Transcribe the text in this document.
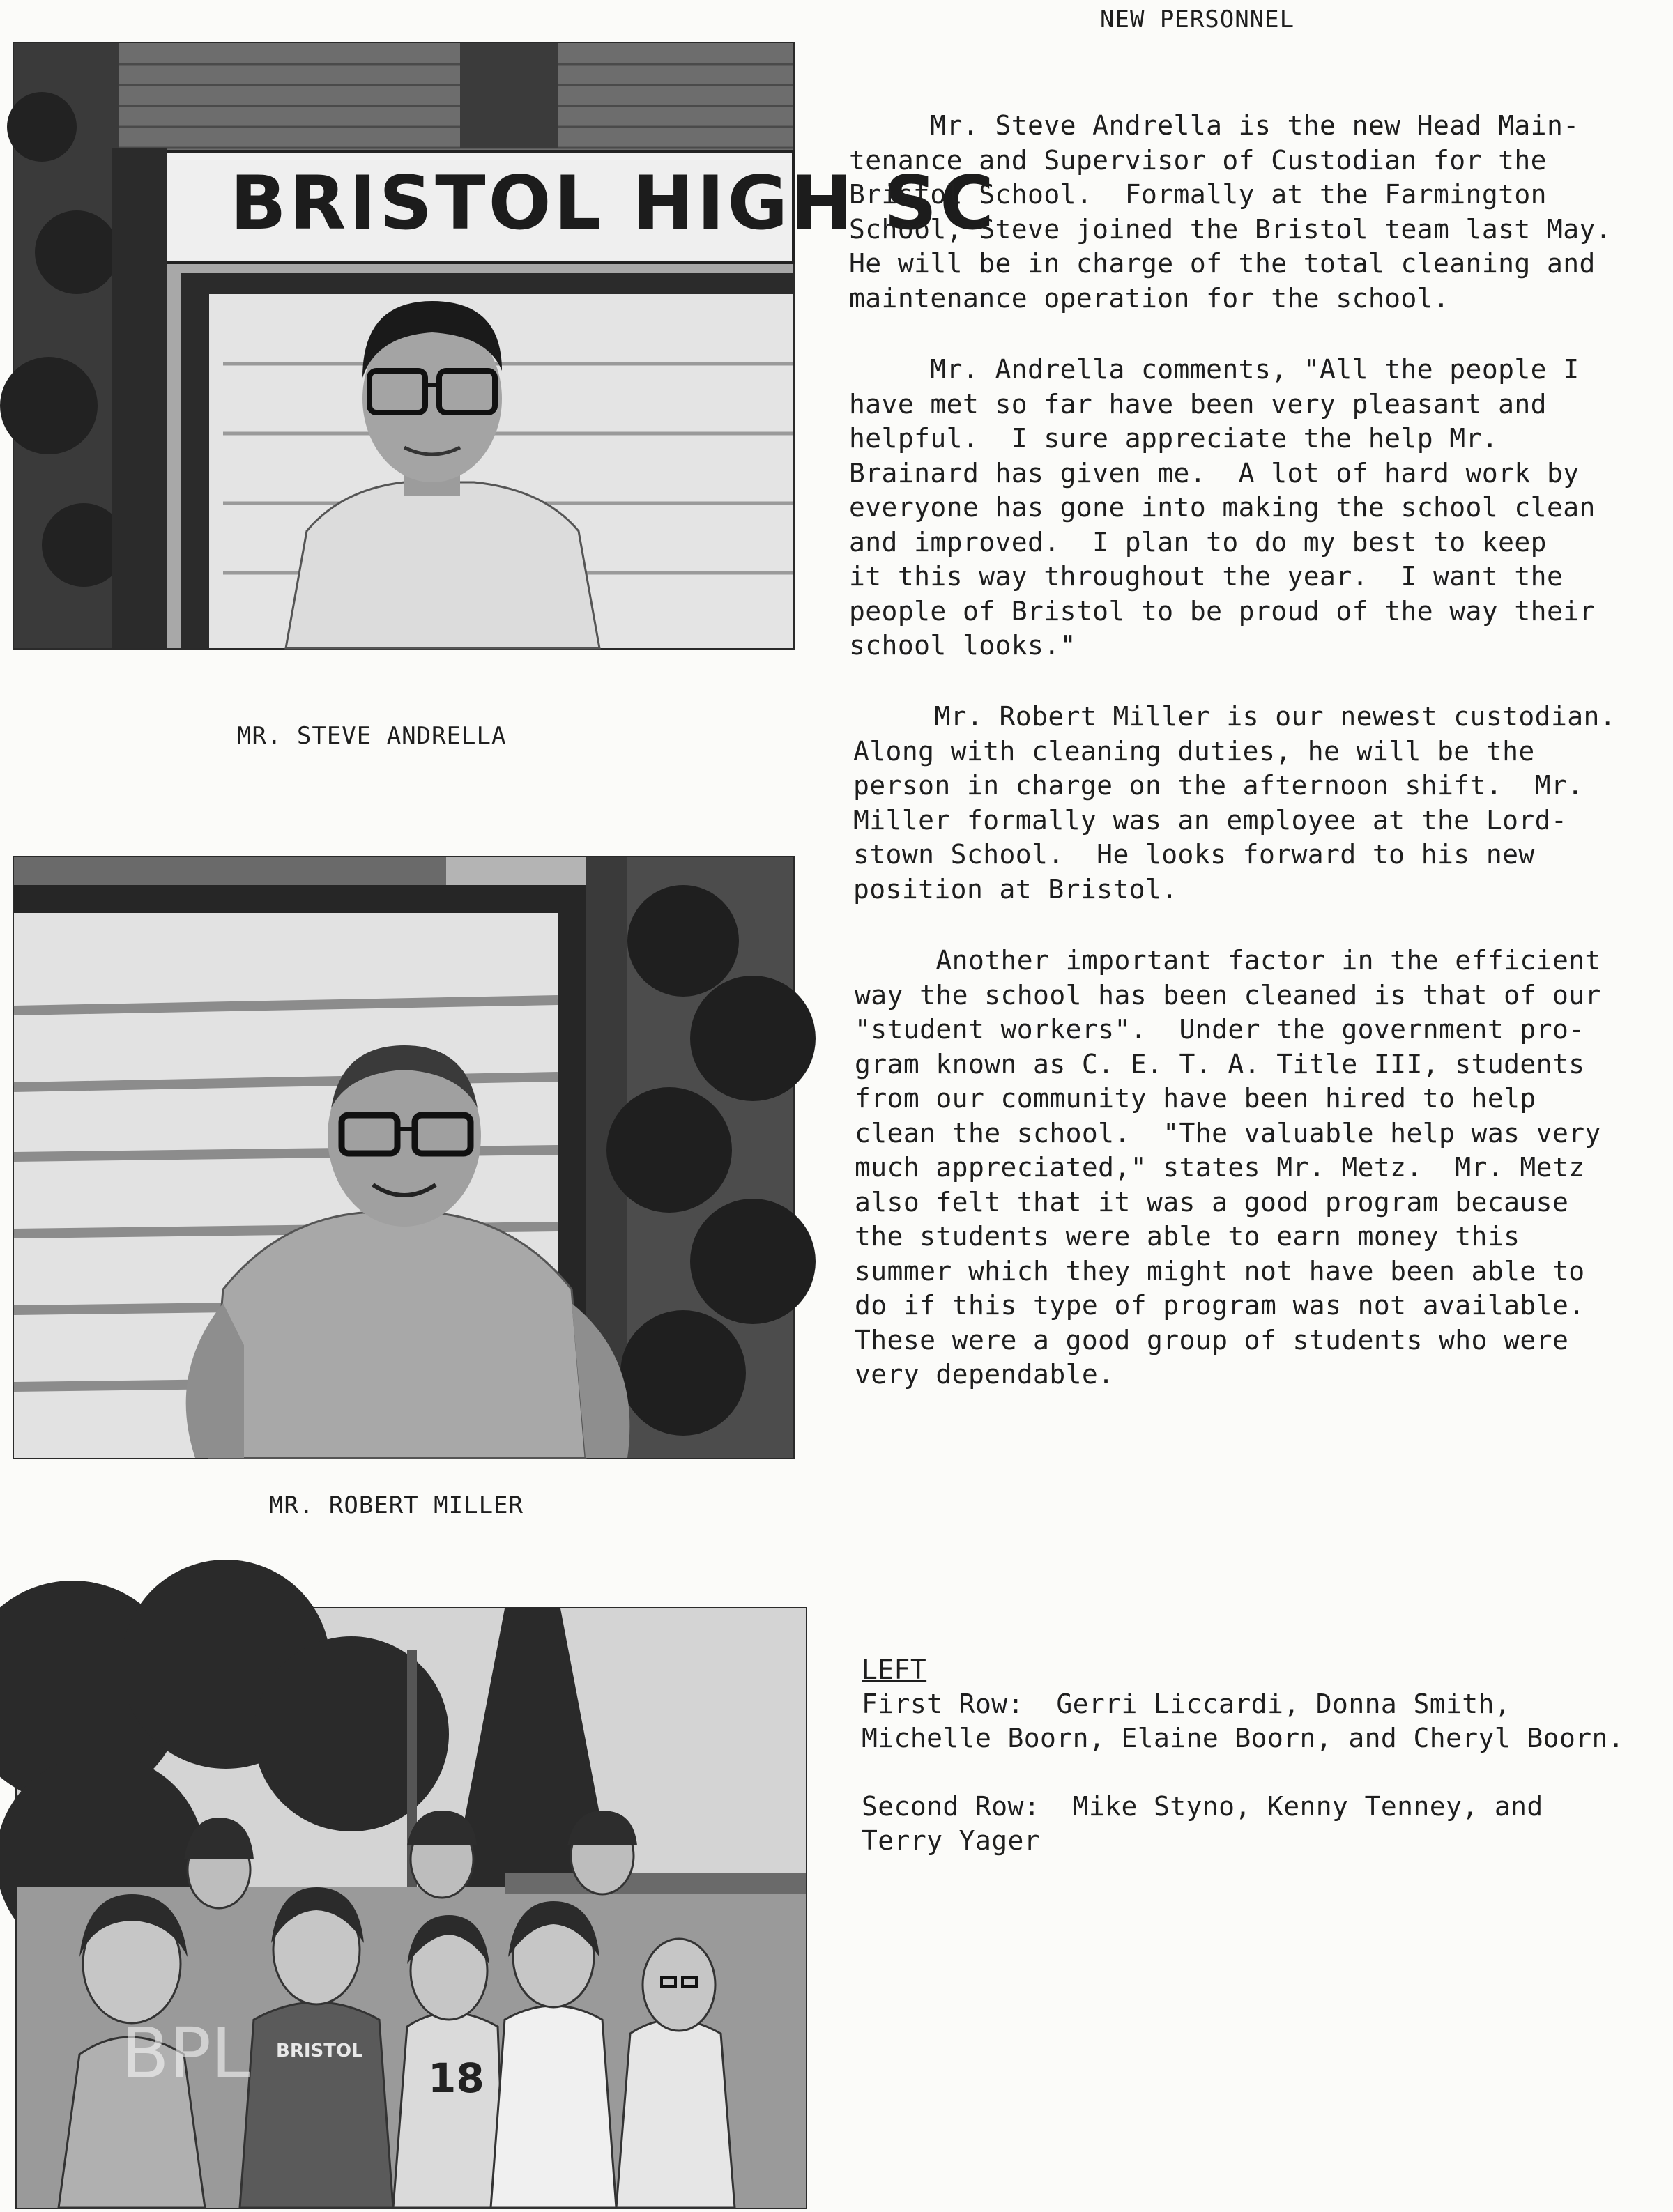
NEW PERSONNEL
BRISTOL HIGH SC
MR. STEVE ANDRELLA
MR. ROBERT MILLER
BRISTOL
18
BPL
Mr. Steve Andrella is the new Head Main-
tenance and Supervisor of Custodian for the
Bristol School.  Formally at the Farmington
School, Steve joined the Bristol team last May.
He will be in charge of the total cleaning and
maintenance operation for the school.
Mr. Andrella comments, "All the people I
have met so far have been very pleasant and
helpful.  I sure appreciate the help Mr.
Brainard has given me.  A lot of hard work by
everyone has gone into making the school clean
and improved.  I plan to do my best to keep
it this way throughout the year.  I want the
people of Bristol to be proud of the way their
school looks."
Mr. Robert Miller is our newest custodian.
Along with cleaning duties, he will be the
person in charge on the afternoon shift.  Mr.
Miller formally was an employee at the Lord-
stown School.  He looks forward to his new
position at Bristol.
Another important factor in the efficient
way the school has been cleaned is that of our
"student workers".  Under the government pro-
gram known as C. E. T. A. Title III, students
from our community have been hired to help
clean the school.  "The valuable help was very
much appreciated," states Mr. Metz.  Mr. Metz
also felt that it was a good program because
the students were able to earn money this
summer which they might not have been able to
do if this type of program was not available.
These were a good group of students who were
very dependable.
LEFT
First Row:  Gerri Liccardi, Donna Smith,
Michelle Boorn, Elaine Boorn, and Cheryl Boorn.
Second Row:  Mike Styno, Kenny Tenney, and
Terry Yager
